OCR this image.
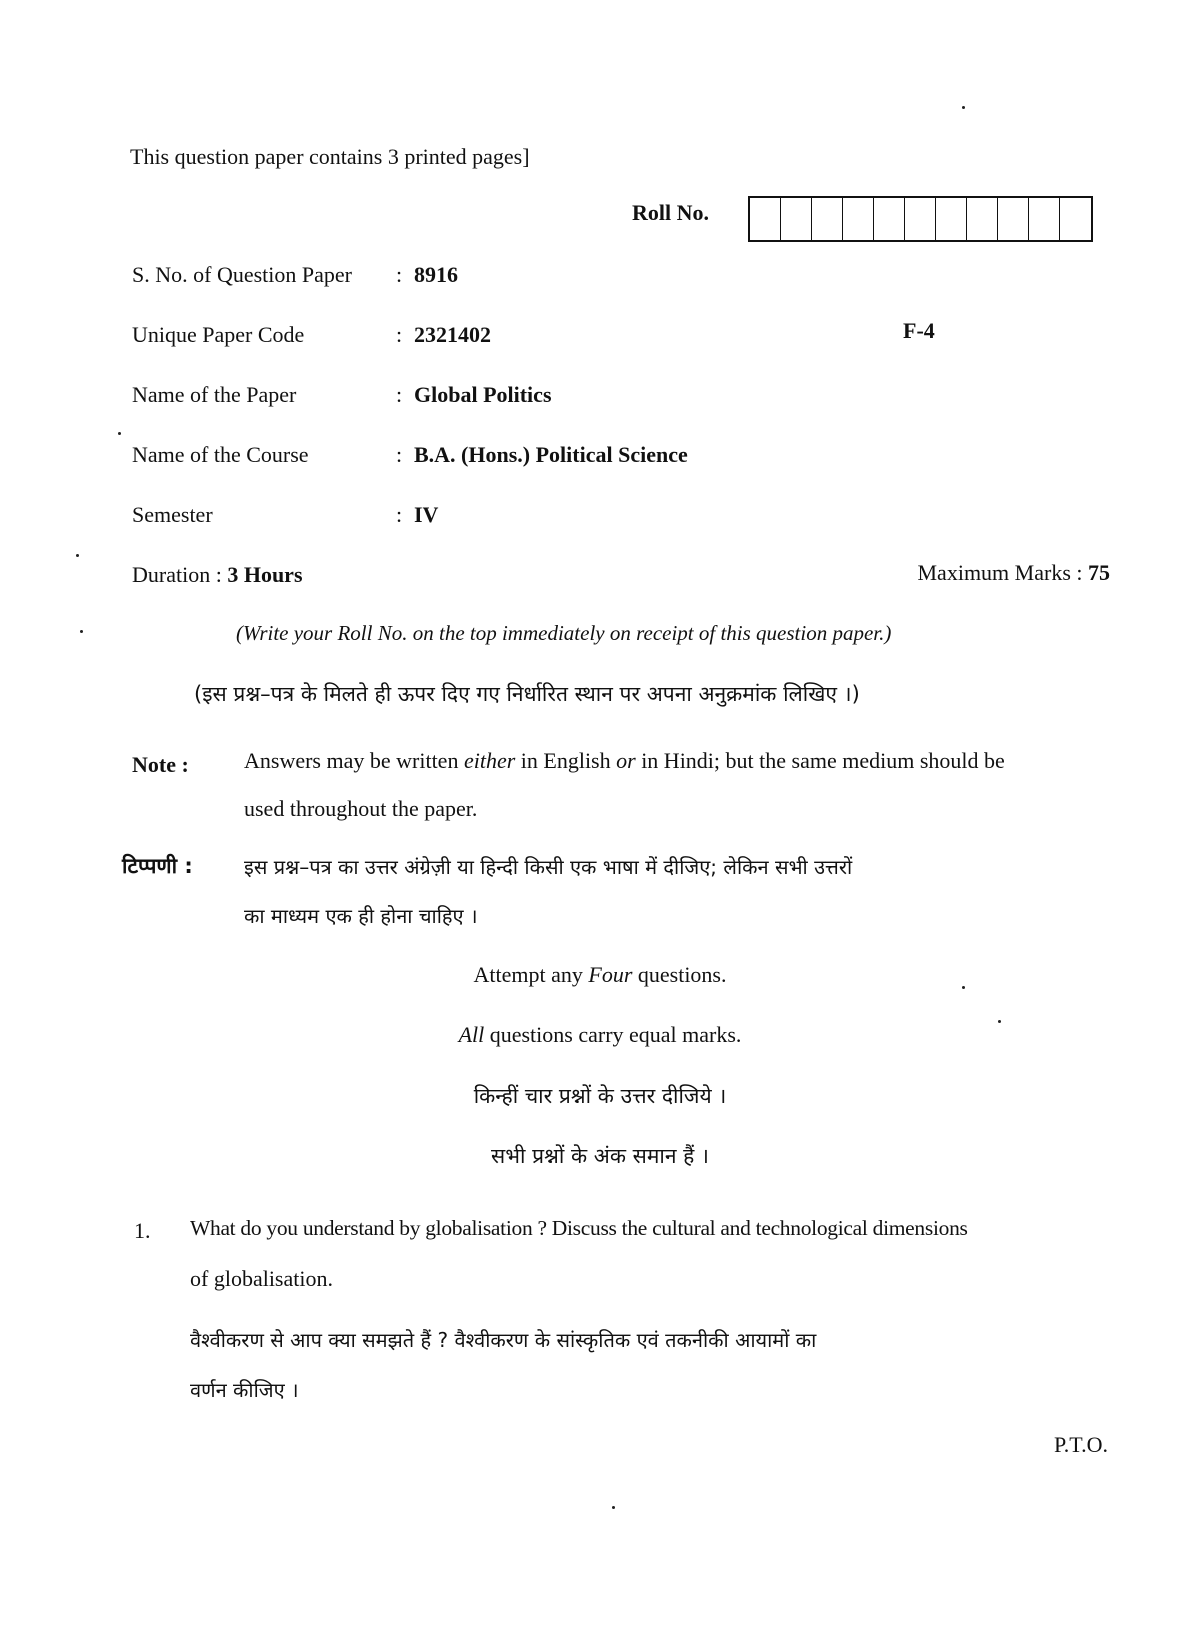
This question paper contains 3 printed pages]
Roll No.
S. No. of Question Paper : 8916
Unique Paper Code	: 2321402	F-4
Name of the Paper	: Global Politics
Name of the Course	: B.A. (Hons.) Political Science
Semester	: IV
Duration : 3 Hours	Maximum Marks : 75
(Write your Roll No. on the top immediately on receipt of this question paper.)
(इस प्रश्न–पत्र के मिलते ही ऊपर दिए गए निर्धारित स्थान पर अपना अनुक्रमांक लिखिए ।)
Note :	Answers may be written either in English or in Hindi; but the same medium should be
used throughout the paper.
टिप्पणी :	इस प्रश्न–पत्र का उत्तर अंग्रेज़ी या हिन्दी किसी एक भाषा में दीजिए; लेकिन सभी उत्तरों
का माध्यम एक ही होना चाहिए ।
Attempt any Four questions.
All questions carry equal marks.
किन्हीं चार प्रश्नों के उत्तर दीजिये ।
सभी प्रश्नों के अंक समान हैं ।
1. What do you understand by globalisation ? Discuss the cultural and technological dimensions
of globalisation.
वैश्वीकरण से आप क्या समझते हैं ? वैश्वीकरण के सांस्कृतिक एवं तकनीकी आयामों का
वर्णन कीजिए ।
P.T.O.
